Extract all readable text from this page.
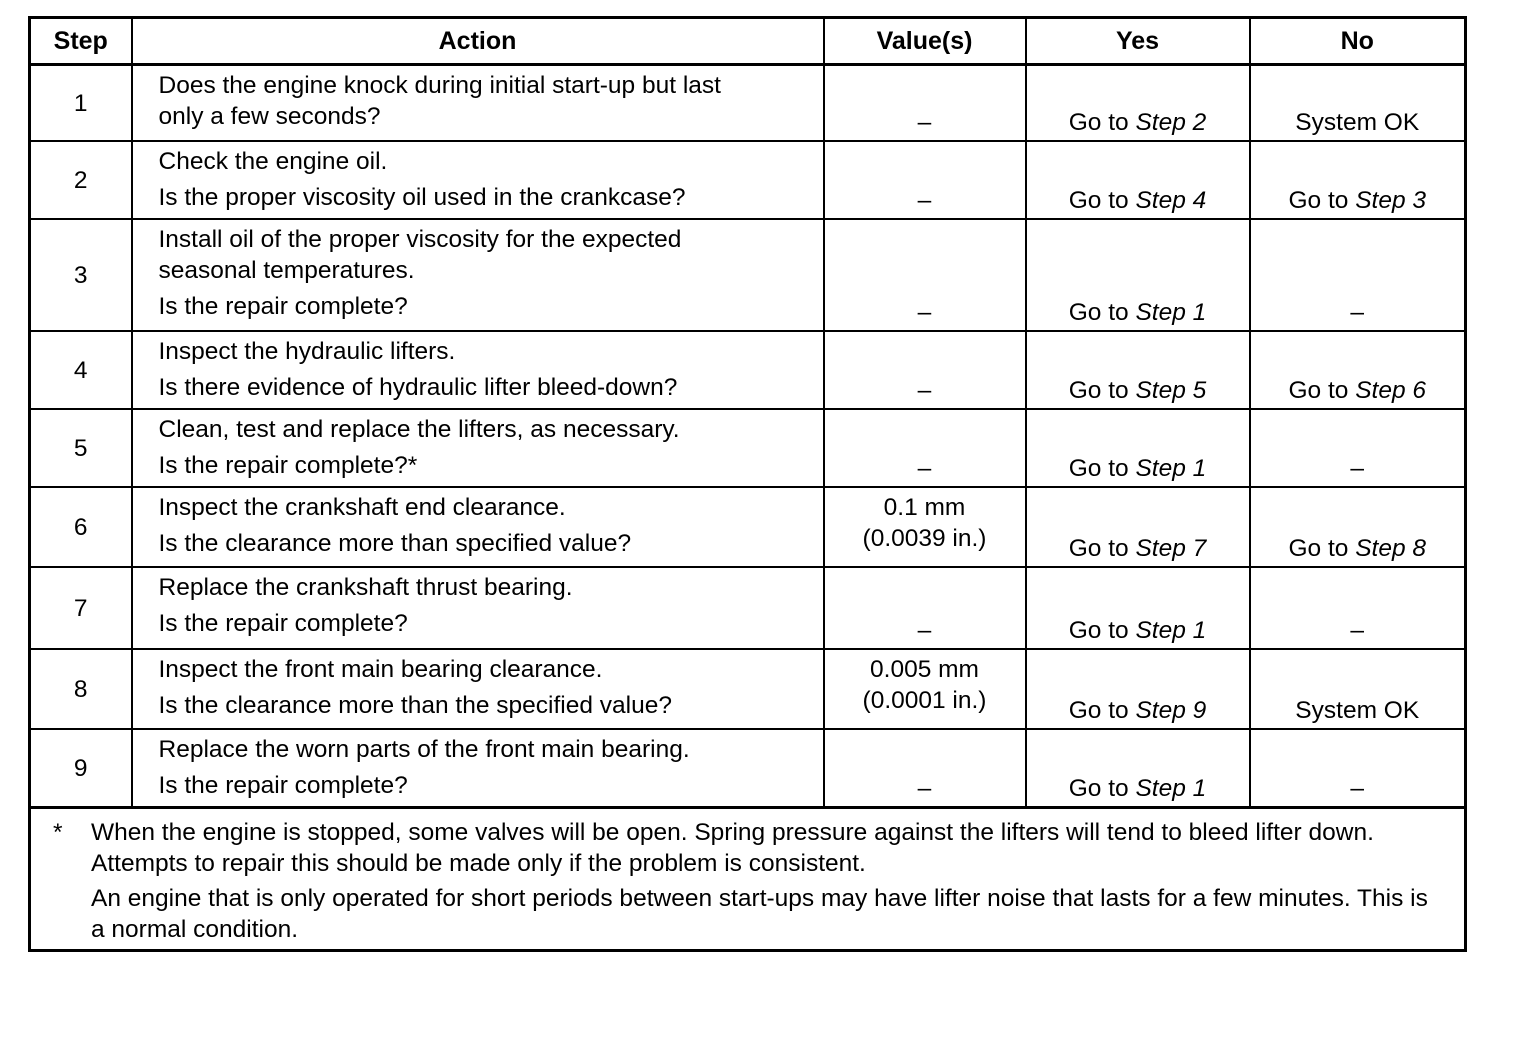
Step	Action	Value(s)	Yes	No
1	Does the engine knock during initial start-up but last
only a few seconds?	–	Go to Step 2	System OK
2	Check the engine oil.
Is the proper viscosity oil used in the crankcase?	–	Go to Step 4	Go to Step 3
3	Install oil of the proper viscosity for the expected
seasonal temperatures.
Is the repair complete?	–	Go to Step 1	–
4	Inspect the hydraulic lifters.
Is there evidence of hydraulic lifter bleed-down?	–	Go to Step 5	Go to Step 6
5	Clean, test and replace the lifters, as necessary.
Is the repair complete?*	–	Go to Step 1	–
6	Inspect the crankshaft end clearance.
Is the clearance more than specified value?	0.1 mm
(0.0039 in.)	Go to Step 7	Go to Step 8
7	Replace the crankshaft thrust bearing.
Is the repair complete?	–	Go to Step 1	–
8	Inspect the front main bearing clearance.
Is the clearance more than the specified value?	0.005 mm
(0.0001 in.)	Go to Step 9	System OK
9	Replace the worn parts of the front main bearing.
Is the repair complete?	–	Go to Step 1	–

* When the engine is stopped, some valves will be open. Spring pressure against the lifters will tend to bleed lifter down. Attempts to repair this should be made only if the problem is consistent.
An engine that is only operated for short periods between start-ups may have lifter noise that lasts for a few minutes. This is a normal condition.				
